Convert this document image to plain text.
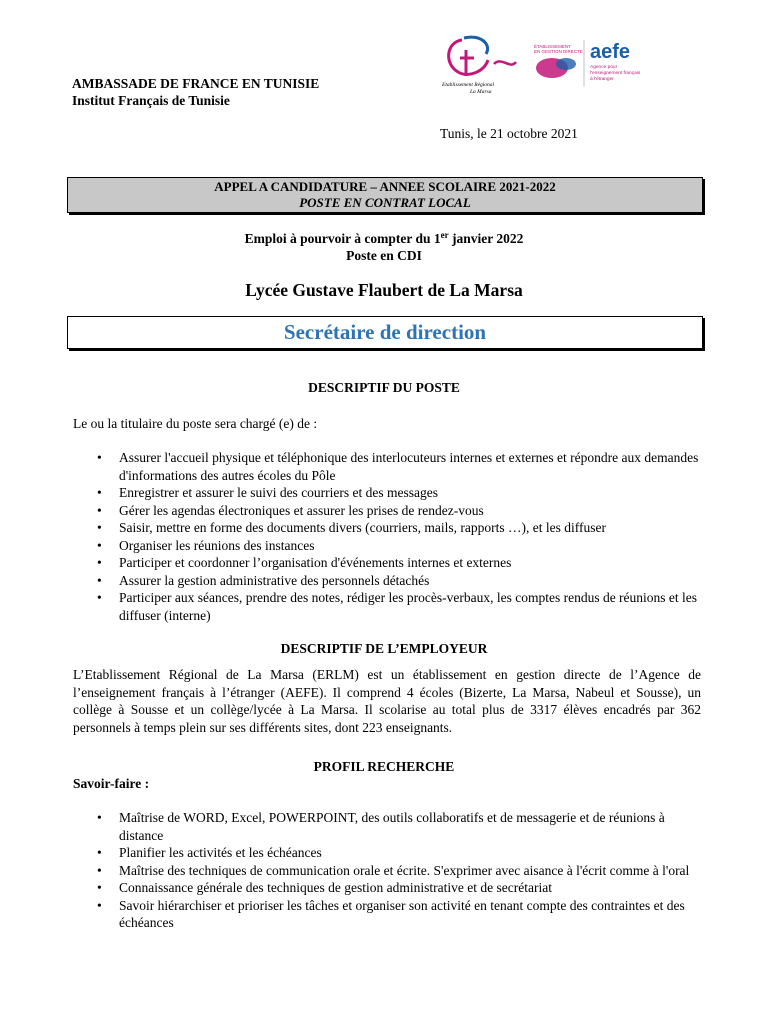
AMBASSADE DE FRANCE EN TUNISIE
Institut Français de Tunisie
Etablissement Régional
La Marsa
ÉTABLISSEMENT
EN GESTION DIRECTE aefe
Agence pour
l'enseignement français
à l'étranger
Tunis, le 21 octobre 2021
APPEL A CANDIDATURE – ANNEE SCOLAIRE 2021-2022
POSTE EN CONTRAT LOCAL
Emploi à pourvoir à compter du 1er janvier 2022
Poste en CDI
Lycée Gustave Flaubert de La Marsa
Secrétaire de direction
DESCRIPTIF DU POSTE
Le ou la titulaire du poste sera chargé (e) de :
• Assurer l'accueil physique et téléphonique des interlocuteurs internes et externes et répondre aux demandes d'informations des autres écoles du Pôle
• Enregistrer et assurer le suivi des courriers et des messages
• Gérer les agendas électroniques et assurer les prises de rendez-vous
• Saisir, mettre en forme des documents divers (courriers, mails, rapports …), et les diffuser
• Organiser les réunions des instances
• Participer et coordonner l’organisation d'événements internes et externes
• Assurer la gestion administrative des personnels détachés
• Participer aux séances, prendre des notes, rédiger les procès-verbaux, les comptes rendus de réunions et les diffuser (interne)
DESCRIPTIF DE L’EMPLOYEUR
L’Etablissement Régional de La Marsa (ERLM) est un établissement en gestion directe de l’Agence de l’enseignement français à l’étranger (AEFE). Il comprend 4 écoles (Bizerte, La Marsa, Nabeul et Sousse), un collège à Sousse et un collège/lycée à La Marsa. Il scolarise au total plus de 3317 élèves encadrés par 362 personnels à temps plein sur ses différents sites, dont 223 enseignants.
PROFIL RECHERCHE
Savoir-faire :
• Maîtrise de WORD, Excel, POWERPOINT, des outils collaboratifs et de messagerie et de réunions à distance
• Planifier les activités et les échéances
• Maîtrise des techniques de communication orale et écrite. S'exprimer avec aisance à l'écrit comme à l'oral
• Connaissance générale des techniques de gestion administrative et de secrétariat
• Savoir hiérarchiser et prioriser les tâches et organiser son activité en tenant compte des contraintes et des échéances
